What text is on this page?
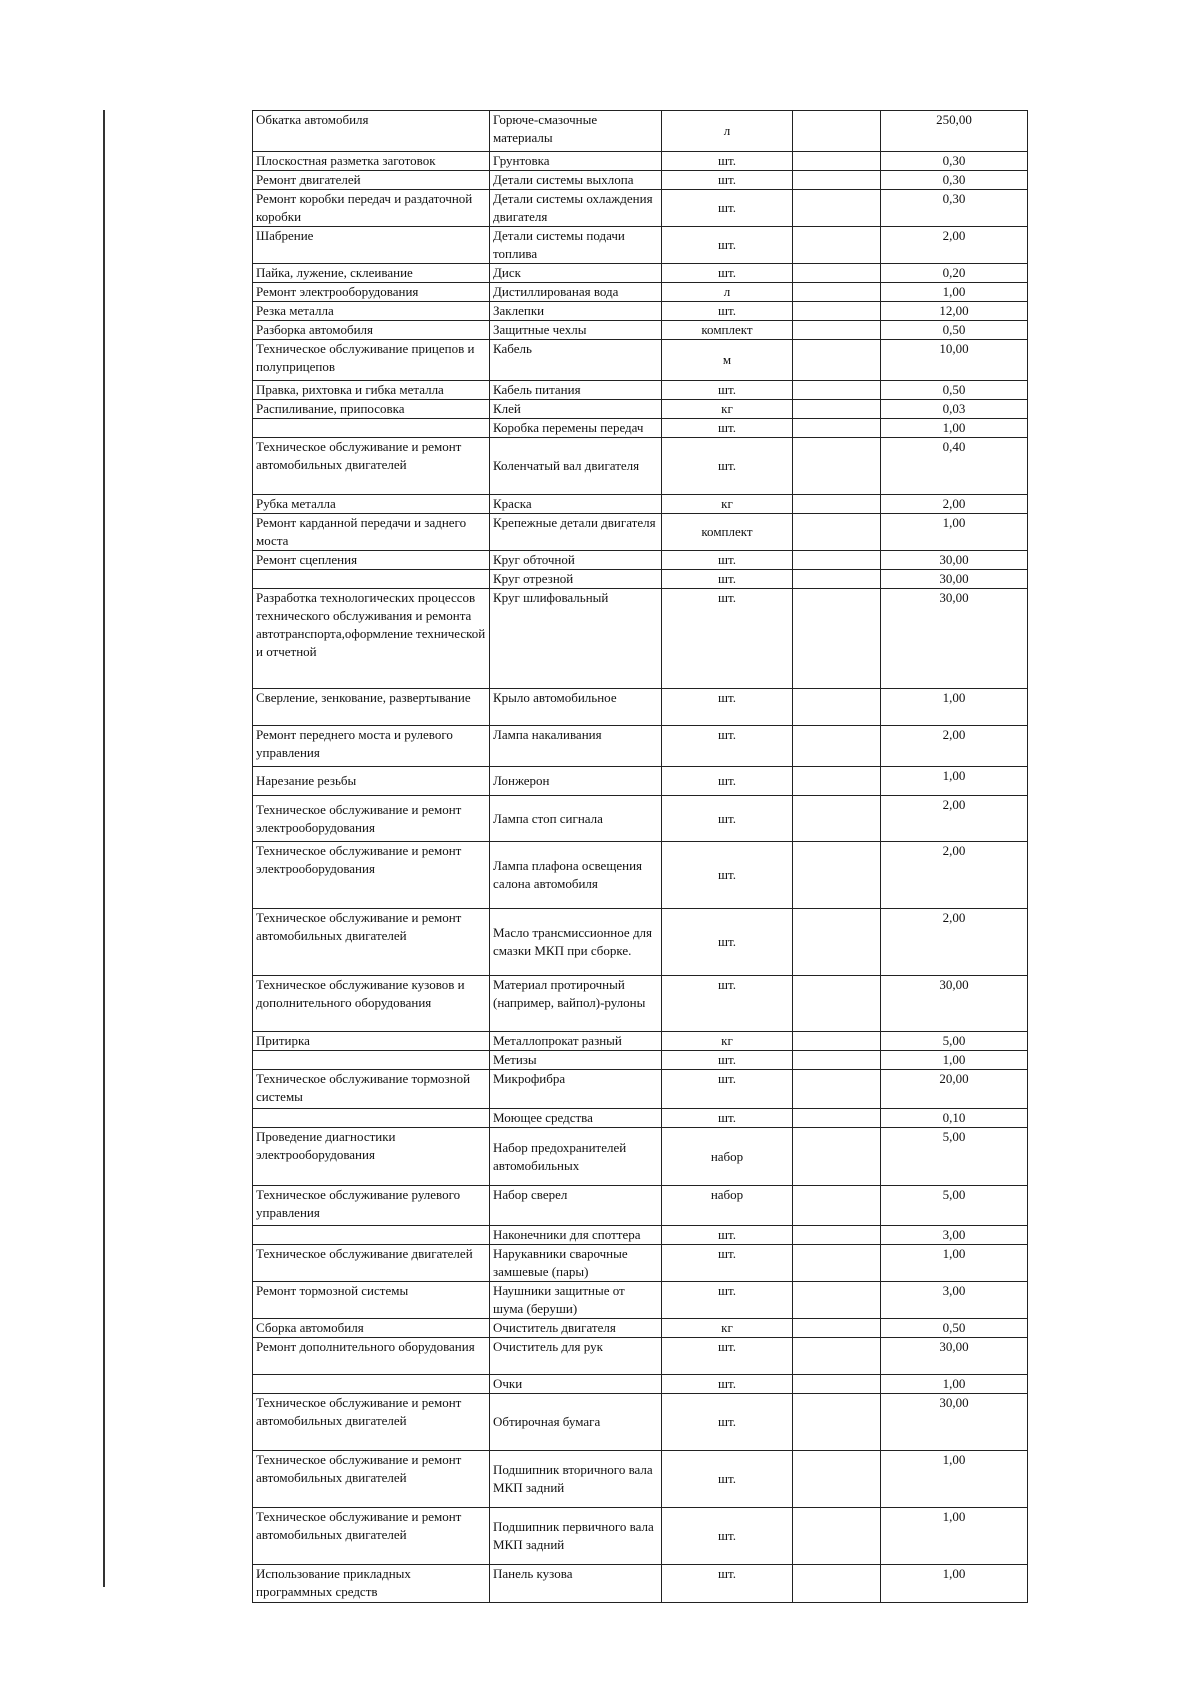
Обкатка автомобиля	Горюче-смазочные материалы	л		250,00
Плоскостная разметка заготовок	Грунтовка	шт.		0,30
Ремонт двигателей	Детали системы выхлопа	шт.		0,30
Ремонт коробки передач и раздаточной коробки	Детали системы охлаждения двигателя	шт.		0,30
Шабрение	Детали системы подачи топлива	шт.		2,00
Пайка, лужение, склеивание	Диск	шт.		0,20
Ремонт электрооборудования	Дистиллированая вода	л		1,00
Резка металла	Заклепки	шт.		12,00
Разборка автомобиля	Защитные чехлы	комплект		0,50
Техническое обслуживание прицепов и полуприцепов	Кабель	м		10,00
Правка, рихтовка и гибка металла	Кабель питания	шт.		0,50
Распиливание, припосовка	Клей	кг		0,03
	Коробка перемены передач	шт.		1,00
Техническое обслуживание и ремонт автомобильных двигателей	Коленчатый вал двигателя	шт.		0,40
Рубка металла	Краска	кг		2,00
Ремонт карданной передачи и заднего моста	Крепежные детали двигателя	комплект		1,00
Ремонт сцепления	Круг обточной	шт.		30,00
	Круг отрезной	шт.		30,00
Разработка технологических процессов технического обслуживания и ремонта автотранспорта,оформление технической и отчетной	Круг шлифовальный	шт.		30,00
Сверление, зенкование, развертывание	Крыло автомобильное	шт.		1,00
Ремонт переднего моста и рулевого управления	Лампа накаливания	шт.		2,00
Нарезание резьбы	Лонжерон	шт.		1,00
Техническое обслуживание и ремонт электрооборудования	Лампа стоп сигнала	шт.		2,00
Техническое обслуживание и ремонт электрооборудования	Лампа плафона освещения салона автомобиля	шт.		2,00
Техническое обслуживание и ремонт автомобильных двигателей	Масло трансмиссионное для смазки МКП при сборке.	шт.		2,00
Техническое обслуживание кузовов и дополнительного оборудования	Материал протирочный (например, вайпол)-рулоны	шт.		30,00
Притирка	Металлопрокат разный	кг		5,00
	Метизы	шт.		1,00
Техническое обслуживание тормозной системы	Микрофибра	шт.		20,00
	Моющее средства	шт.		0,10
Проведение диагностики электрооборудования	Набор предохранителей автомобильных	набор		5,00
Техническое обслуживание рулевого управления	Набор сверел	набор		5,00
	Наконечники для споттера	шт.		3,00
Техническое обслуживание двигателей	Нарукавники сварочные замшевые (пары)	шт.		1,00
Ремонт тормозной системы	Наушники защитные от шума (беруши)	шт.		3,00
Сборка автомобиля	Очиститель двигателя	кг		0,50
Ремонт дополнительного оборудования	Очиститель для рук	шт.		30,00
	Очки	шт.		1,00
Техническое обслуживание и ремонт автомобильных двигателей	Обтирочная бумага	шт.		30,00
Техническое обслуживание и ремонт автомобильных двигателей	Подшипник вторичного вала МКП задний	шт.		1,00
Техническое обслуживание и ремонт автомобильных двигателей	Подшипник первичного вала МКП задний	шт.		1,00
Использование прикладных программных средств	Панель кузова	шт.		1,00
